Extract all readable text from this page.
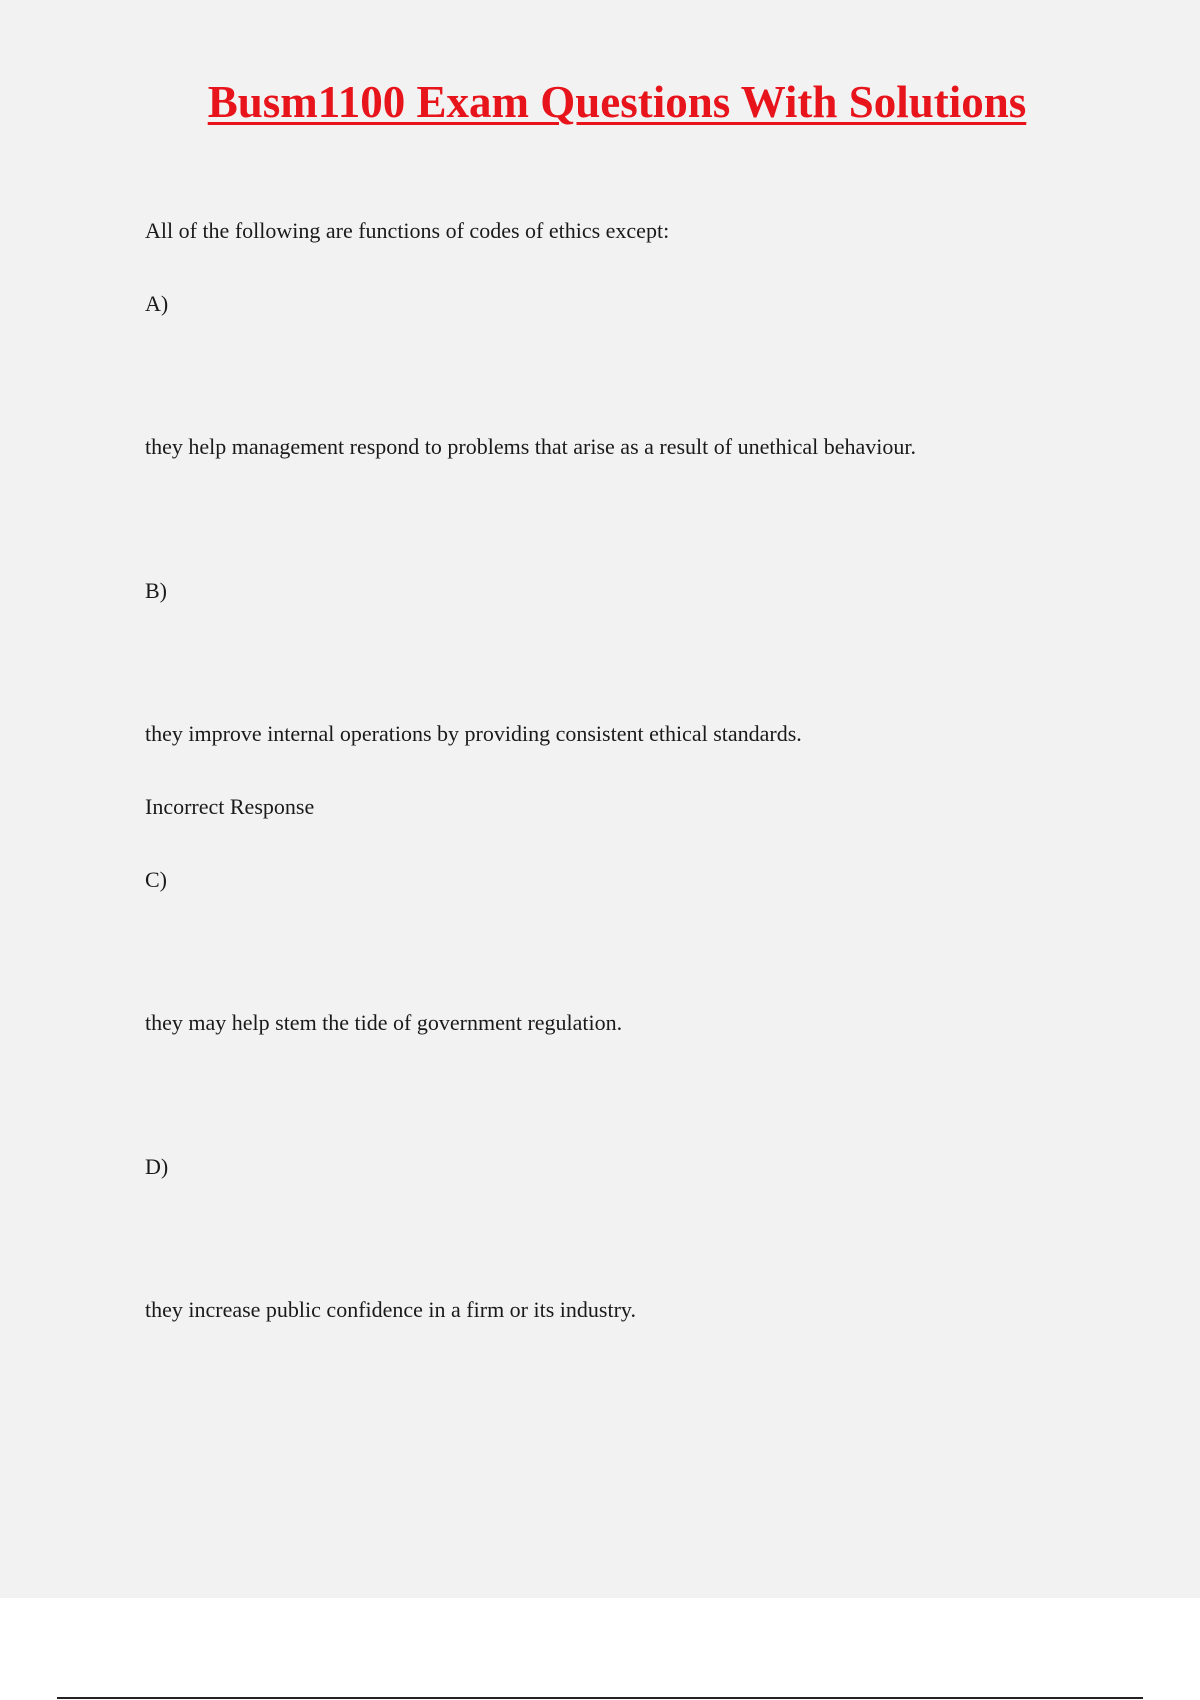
Busm1100 Exam Questions With Solutions

All of the following are functions of codes of ethics except:

A)

they help management respond to problems that arise as a result of unethical behaviour.

B)

they improve internal operations by providing consistent ethical standards.

Incorrect Response

C)

they may help stem the tide of government regulation.

D)

they increase public confidence in a firm or its industry.
